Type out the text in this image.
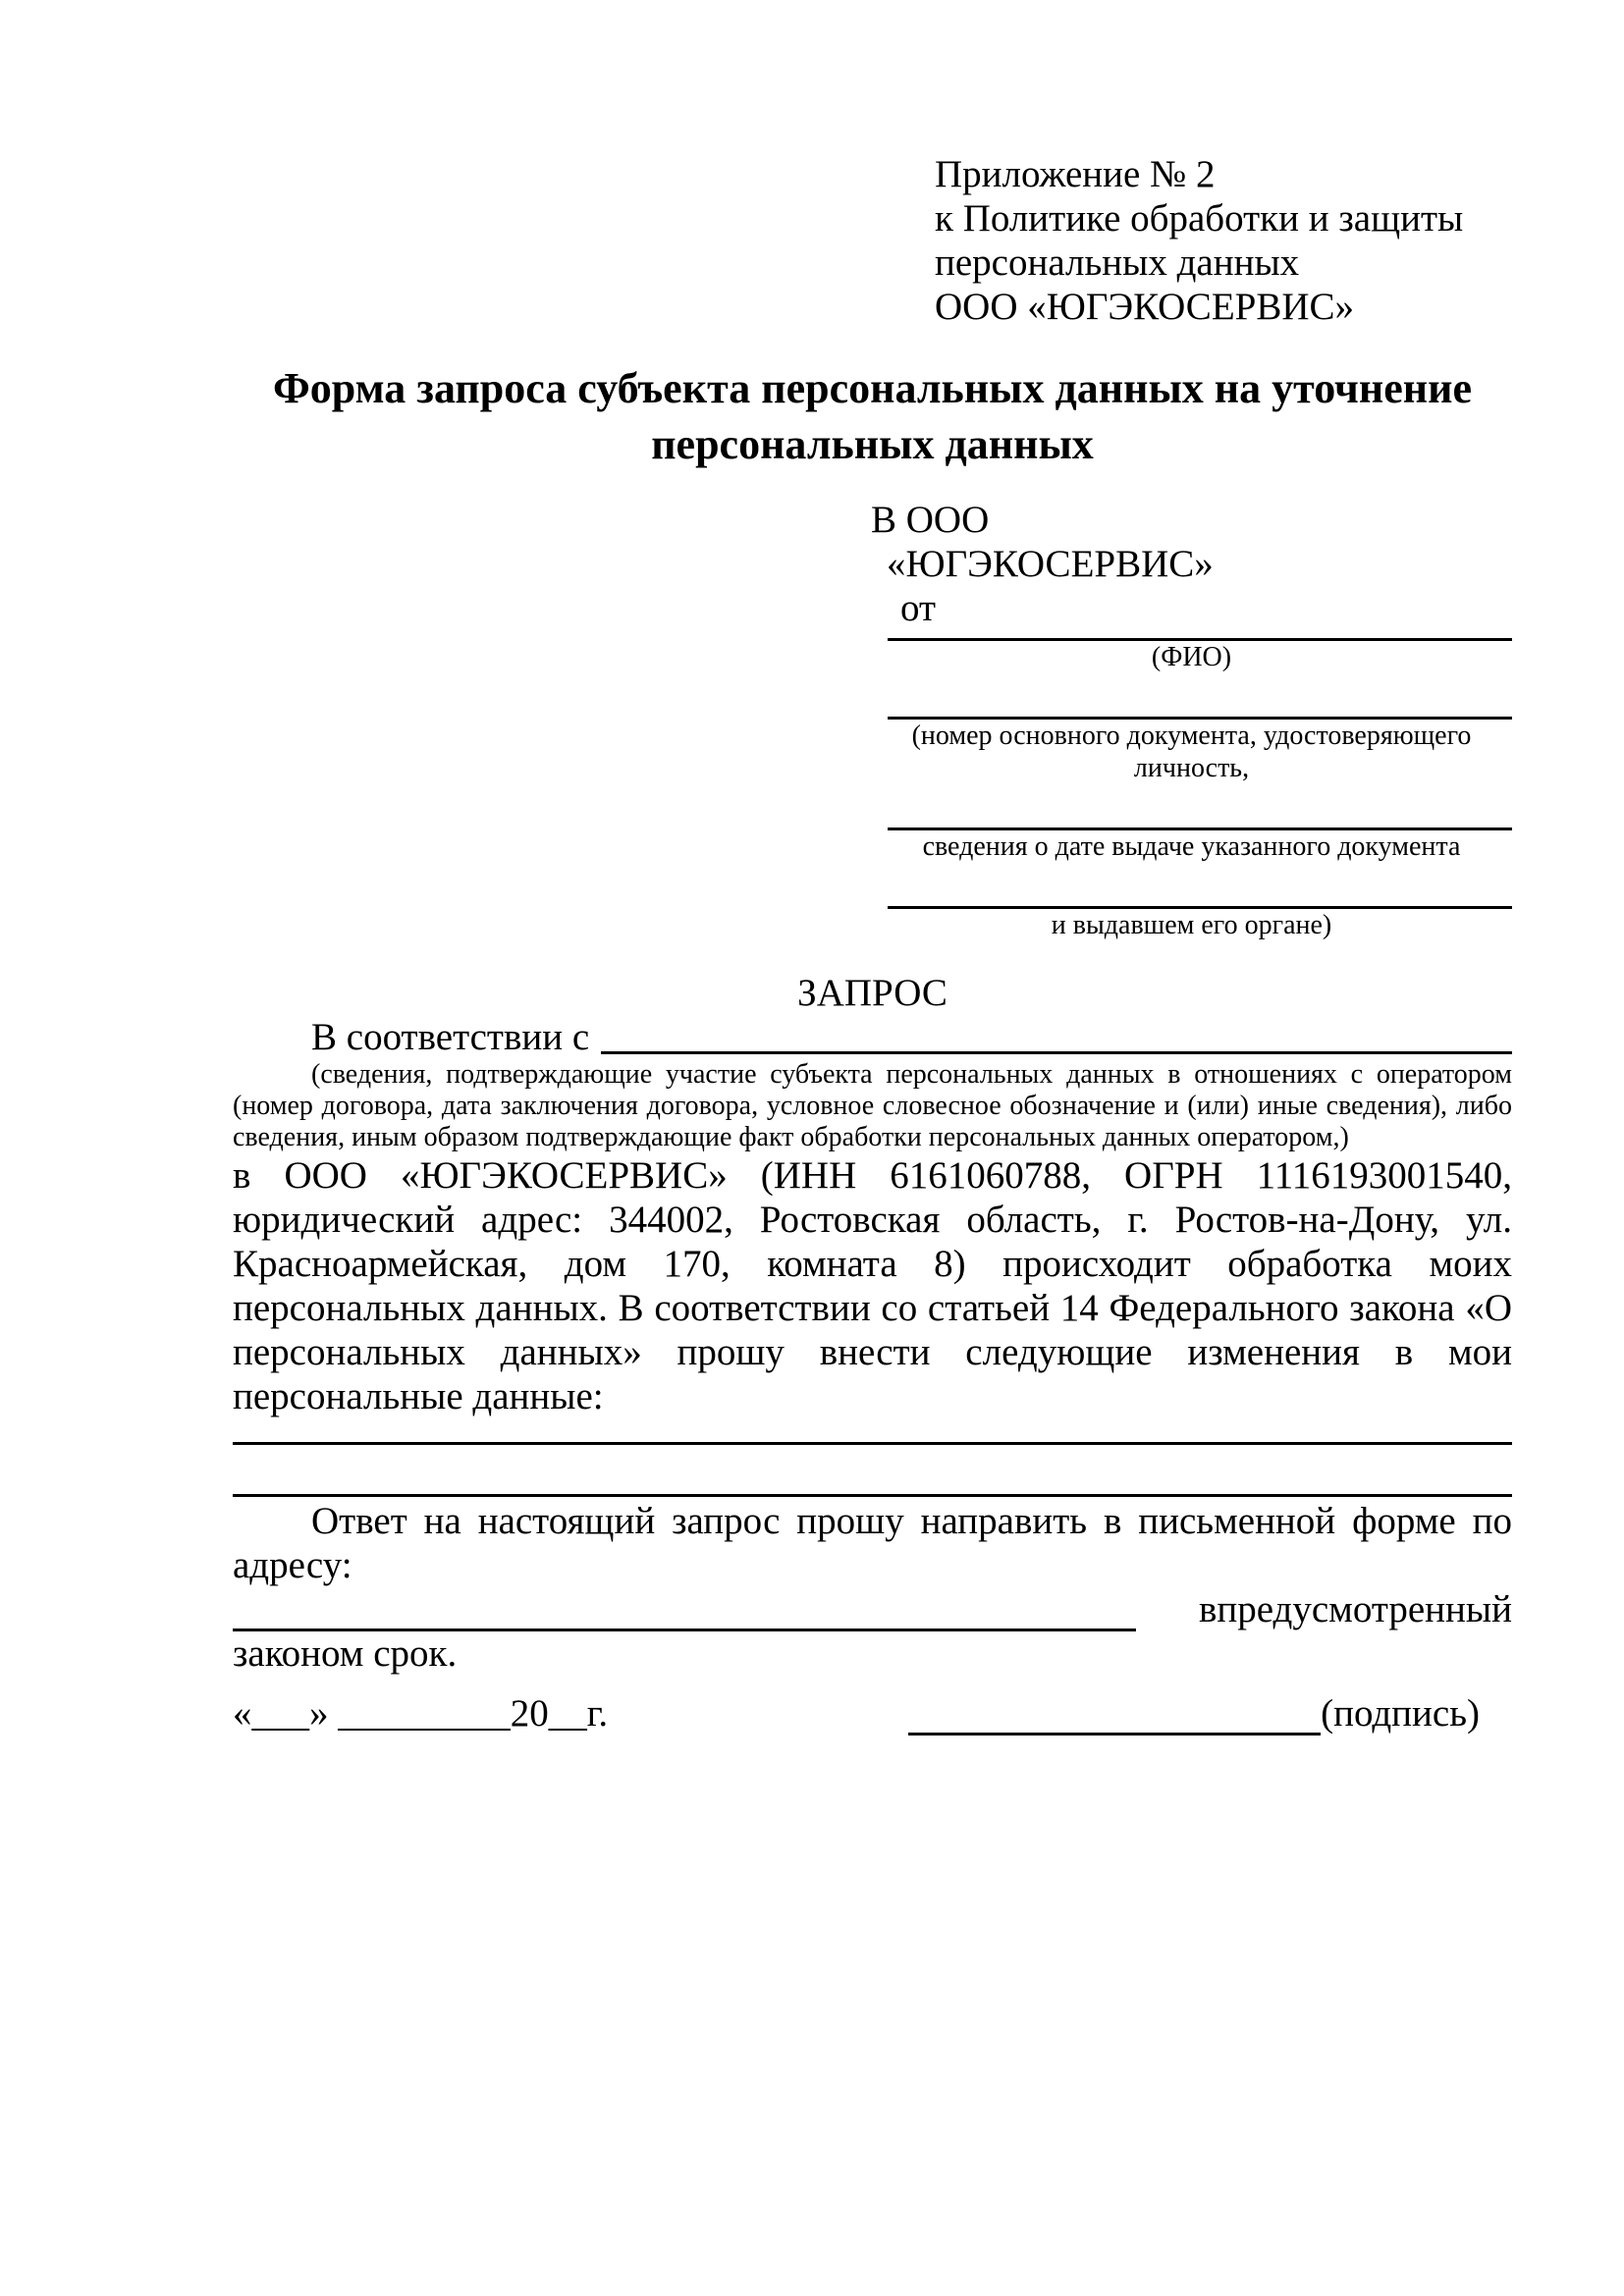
Приложение № 2
к Политике обработки и защиты персональных данных
ООО «ЮГЭКОСЕРВИС»
Форма запроса субъекта персональных данных на уточнение персональных данных
В ООО
«ЮГЭКОСЕРВИС»
от
(ФИО)
(номер основного документа, удостоверяющего личность,
сведения о дате выдаче указанного документа
и выдавшем его органе)
ЗАПРОС
В соответствии с
(сведения, подтверждающие участие субъекта персональных данных в отношениях с оператором (номер договора, дата заключения договора, условное словесное обозначение и (или) иные сведения), либо сведения, иным образом подтверждающие факт обработки персональных данных оператором,)
в ООО «ЮГЭКОСЕРВИС» (ИНН 6161060788, ОГРН 1116193001540, юридический адрес: 344002, Ростовская область, г. Ростов-на-Дону, ул. Красноармейская, дом 170, комната 8) происходит обработка моих персональных данных. В соответствии со статьей 14 Федерального закона «О персональных данных» прошу внести следующие изменения в мои персональные данные:
Ответ на настоящий запрос прошу направить в письменной форме по адресу:
в предусмотренный
законом срок.
«___» _________20__г.	(подпись)
